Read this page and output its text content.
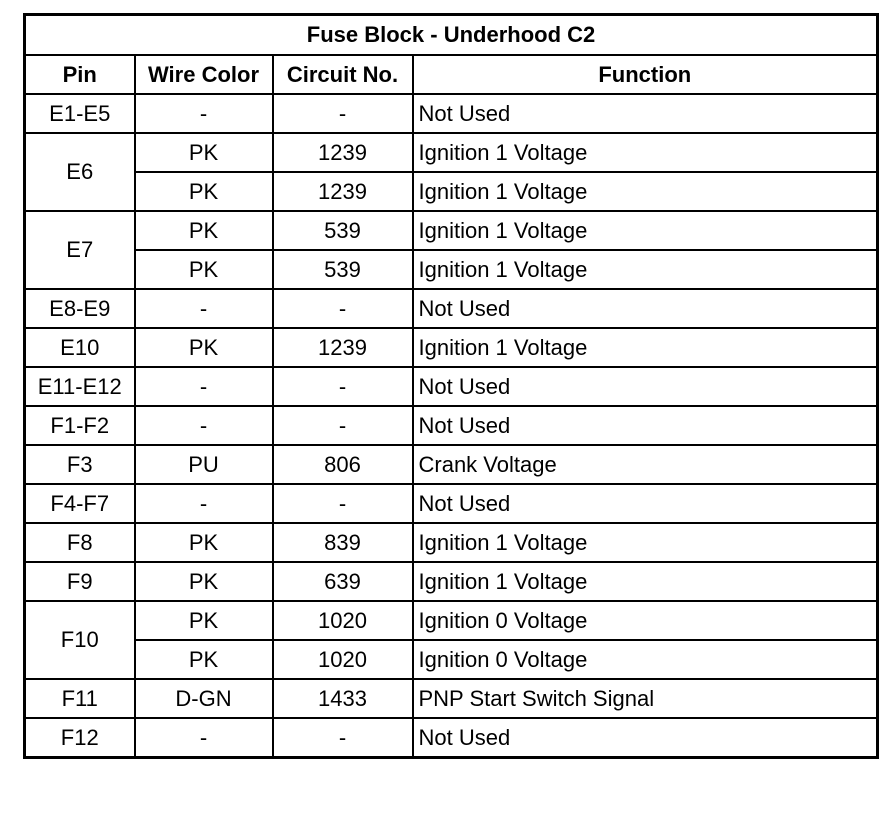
Fuse Block - Underhood C2			
Pin	Wire Color	Circuit No.	Function
E1-E5	-	-	Not Used
E6	PK	1239	Ignition 1 Voltage
	PK	1239	Ignition 1 Voltage
E7	PK	539	Ignition 1 Voltage
	PK	539	Ignition 1 Voltage
E8-E9	-	-	Not Used
E10	PK	1239	Ignition 1 Voltage
E11-E12	-	-	Not Used
F1-F2	-	-	Not Used
F3	PU	806	Crank Voltage
F4-F7	-	-	Not Used
F8	PK	839	Ignition 1 Voltage
F9	PK	639	Ignition 1 Voltage
F10	PK	1020	Ignition 0 Voltage
	PK	1020	Ignition 0 Voltage
F11	D-GN	1433	PNP Start Switch Signal
F12	-	-	Not Used
